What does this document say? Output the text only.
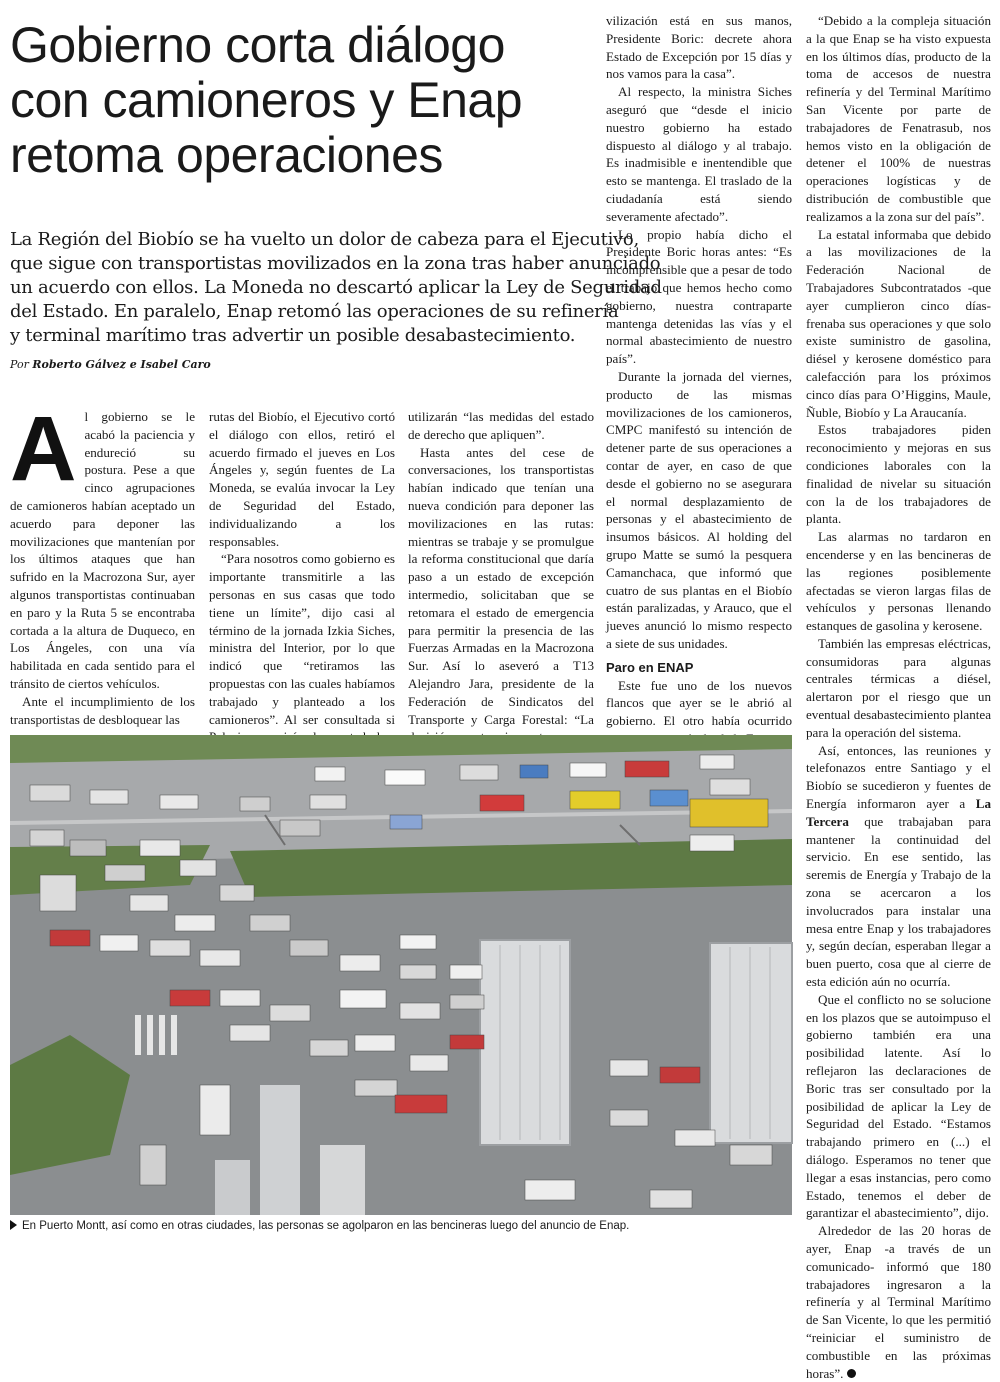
Gobierno corta diálogo
con camioneros y Enap
retoma operaciones
La Región del Biobío se ha vuelto un dolor de cabeza para el Ejecutivo,
que sigue con transportistas movilizados en la zona tras haber anunciado
un acuerdo con ellos. La Moneda no descartó aplicar la Ley de Seguridad
del Estado. En paralelo, Enap retomó las operaciones de su refinería
y terminal marítimo tras advertir un posible desabastecimiento.
Por Roberto Gálvez e Isabel Caro
A l gobierno se le acabó la paciencia y endureció su postura. Pese a que cinco agrupaciones de camioneros habían aceptado un acuerdo para deponer las movilizaciones que mantenían por los últimos ataques que han sufrido en la Macrozona Sur, ayer algunos transportistas continuaban en paro y la Ruta 5 se encontraba cortada a la altura de Duqueco, en Los Ángeles, con una vía habilitada en cada sentido para el tránsito de ciertos vehículos.

Ante el incumplimiento de los transportistas de desbloquear las

rutas del Biobío, el Ejecutivo cortó el diálogo con ellos, retiró el acuerdo firmado el jueves en Los Ángeles y, según fuentes de La Moneda, se evalúa invocar la Ley de Seguridad del Estado, individualizando a los responsables.

“Para nosotros como gobierno es importante transmitirle a las personas en sus casas que todo tiene un límite”, dijo casi al término de la jornada Izkia Siches, ministra del Interior, por lo que indicó que “retiramos las propuestas con las cuales habíamos trabajado y planteado a los camioneros”. Al ser consultada si

utilizarán “las medidas del estado de derecho que apliquen”.

Hasta antes del cese de conversaciones, los transportistas habían indicado que tenían una nueva condición para deponer las movilizaciones en las rutas: mientras se trabaje y se promulgue la reforma constitucional que daría paso a un estado de excepción intermedio, solicitaban que se retomara el estado de emergencia para permitir la presencia de las Fuerzas Armadas en la Macrozona Sur. Así lo aseveró a T13 Alejandro Jara, presidente de la Federación de Sindicatos del Transporte y Carga Forestal: “La

vilización está en sus manos, Presidente Boric: decrete ahora Estado de Excepción por 15 días y nos vamos para la casa”.

Al respecto, la ministra Siches aseguró que “desde el inicio nuestro gobierno ha estado dispuesto al diálogo y al trabajo. Es inadmisible e inentendible que esto se mantenga. El traslado de la ciudadanía está siendo severamente afectado”.

Lo propio había dicho el Presidente Boric horas antes: “Es incomprensible que a pesar de todo el trabajo que hemos hecho como gobierno, nuestra contraparte mantenga detenidas las vías y el normal abastecimiento de nuestro país”.

Durante la jornada del viernes, producto de las mismas movilizaciones de los camioneros, CMPC manifestó su intención de detener parte de sus operaciones a contar de ayer, en caso de que desde el gobierno no se asegurara el normal desplazamiento de personas y el abastecimiento de insumos básicos. Al holding del grupo Matte se sumó la pesquera Camanchaca, que informó que cuatro de sus plantas en el Biobío están paralizadas, y Arauco, que el jueves anunció lo mismo respecto a siete de sus unidades.

Paro en ENAP

Este fue uno de los nuevos flancos que ayer se le abrió al gobierno. El otro había ocurrido

“Debido a la compleja situación a la que Enap se ha visto expuesta en los últimos días, producto de la toma de accesos de nuestra refinería y del Terminal Marítimo San Vicente por parte de trabajadores de Fenatrasub, nos hemos visto en la obligación de detener el 100% de nuestras operaciones logísticas y de distribución de combustible que realizamos a la zona sur del país”.

La estatal informaba que debido a las movilizaciones de la Federación Nacional de Trabajadores Subcontratados -que ayer cumplieron cinco días- frenaba sus operaciones y que solo existe suministro de gasolina, diésel y kerosene doméstico para calefacción para los próximos cinco días para O’Higgins, Maule, Ñuble, Biobío y La Araucanía.

Estos trabajadores piden reconocimiento y mejoras en sus condiciones laborales con la finalidad de nivelar su situación con la de los trabajadores de planta.

Las alarmas no tardaron en encenderse y en las bencineras de las regiones posiblemente afectadas se vieron largas filas de vehículos y personas llenando estanques de gasolina y kerosene.

También las empresas eléctricas, consumidoras para algunas centrales térmicas a diésel, alertaron por el riesgo que un eventual desabastecimiento plantea para la operación del sistema.

Así, entonces, las reuniones y telefonazos entre Santiago y el Biobío se sucedieron y fuentes de Energía informaron ayer a La Tercera que trabajaban para mantener la continuidad del servicio. En ese sentido, las seremis de Energía y Trabajo de la zona se acercaron a los involucrados para instalar una mesa entre Enap y los trabajadores y, según decían, esperaban llegar a buen puerto, cosa que al cierre de esta edición aún no ocurría.

Que el conflicto no se solucione en los plazos que se autoimpuso el gobierno también era una posibilidad latente. Así lo reflejaron las declaraciones de Boric tras ser consultado por la posibilidad de aplicar la Ley de Seguridad del Estado. “Estamos trabajando primero en (...) el diálogo. Esperamos no tener que llegar a esas instancias, pero como Estado, tenemos el deber de garantizar el abastecimiento”, dijo.

Alrededor de las 20 horas de ayer, Enap -a través de un comunicado- informó que 180 trabajadores ingresaron a la refinería y al Terminal Marítimo de San Vicente, lo que les permitió “reiniciar el suministro de combustible en las próximas horas”.

En Puerto Montt, así como en otras ciudades, las personas se agolparon en las bencineras luego del anuncio de Enap.
